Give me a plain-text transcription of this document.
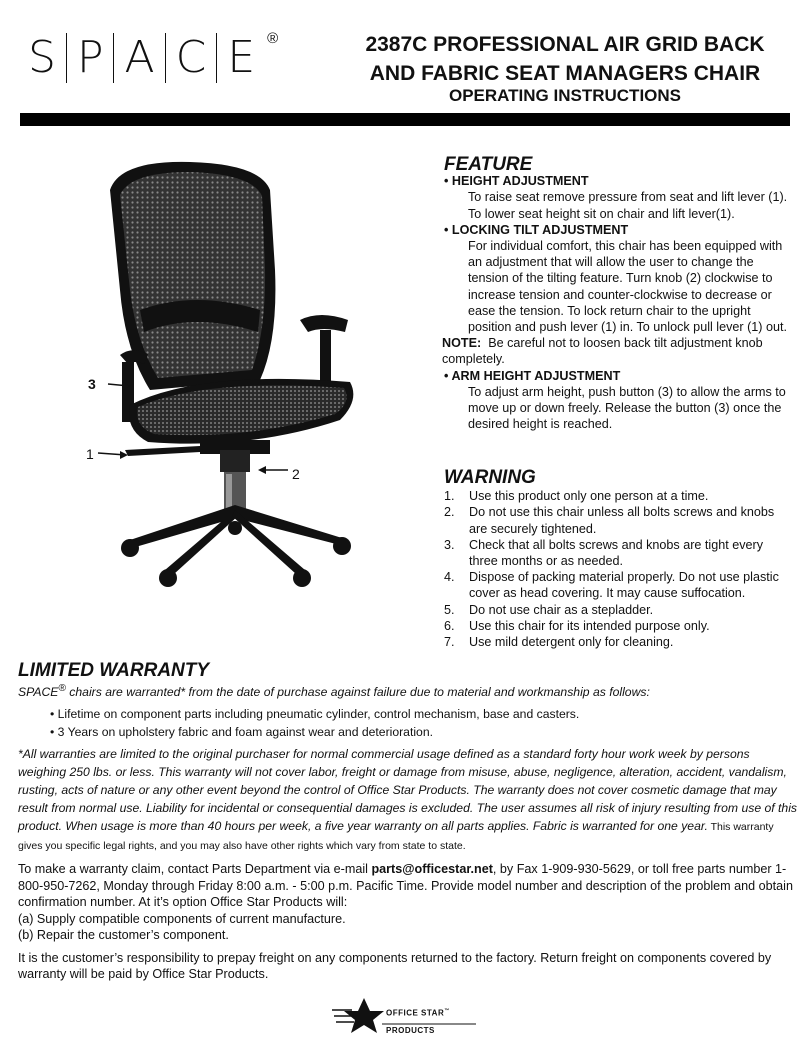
S P A C E ®	2387C PROFESSIONAL AIR GRID BACK
AND FABRIC SEAT MANAGERS CHAIR
OPERATING INSTRUCTIONS
3
1
2
FEATURE
• HEIGHT ADJUSTMENT
To raise seat remove pressure from seat and lift lever (1). To lower seat height sit on chair and lift lever(1).
• LOCKING TILT ADJUSTMENT
For individual comfort, this chair has been equipped with an adjustment that will allow the user to change the tension of the tilting feature. Turn knob (2) clockwise to increase tension and counter-clockwise to decrease or ease the tension. To lock return chair to the upright position and push lever (1) in. To unlock pull lever (1) out.
NOTE: Be careful not to loosen back tilt adjustment knob completely.
• ARM HEIGHT ADJUSTMENT
To adjust arm height, push button (3) to allow the arms to move up or down freely. Release the button (3) once the desired height is reached.
WARNING
1.	Use this product only one person at a time.
2.	Do not use this chair unless all bolts screws and knobs are securely tightened.
3.	Check that all bolts screws and knobs are tight every three months or as needed.
4.	Dispose of packing material properly. Do not use plastic cover as head covering. It may cause suffocation.
5.	Do not use chair as a stepladder.
6.	Use this chair for its intended purpose only.
7.	Use mild detergent only for cleaning.
LIMITED WARRANTY

SPACE® chairs are warranted* from the date of purchase against failure due to material and workmanship as follows:

• Lifetime on component parts including pneumatic cylinder, control mechanism, base and casters.

• 3 Years on upholstery fabric and foam against wear and deterioration.

*All warranties are limited to the original purchaser for normal commercial usage defined as a standard forty hour work week by persons weighing 250 lbs. or less. This warranty will not cover labor, freight or damage from misuse, abuse, negligence, alteration, accident, vandalism, rusting, acts of nature or any other event beyond the control of Office Star Products. The warranty does not cover cosmetic damage that may result from normal use. Liability for incidental or consequential damages is excluded. The user assumes all risk of injury resulting from use of this product. When usage is more than 40 hours per week, a five year warranty on all parts applies. Fabric is warranted for one year. This warranty gives you specific legal rights, and you may also have other rights which vary from state to state.

To make a warranty claim, contact Parts Department via e-mail parts@officestar.net, by Fax 1-909-930-5629, or toll free parts number 1-800-950-7262, Monday through Friday 8:00 a.m. - 5:00 p.m. Pacific Time. Provide model number and description of the problem and obtain confirmation number. At it’s option Office Star Products will:

(a) Supply compatible components of current manufacture.

(b) Repair the customer’s component.

It is the customer’s responsibility to prepay freight on any components returned to the factory. Return freight on components covered by warranty will be paid by Office Star Products.

OFFICE STAR™
PRODUCTS
